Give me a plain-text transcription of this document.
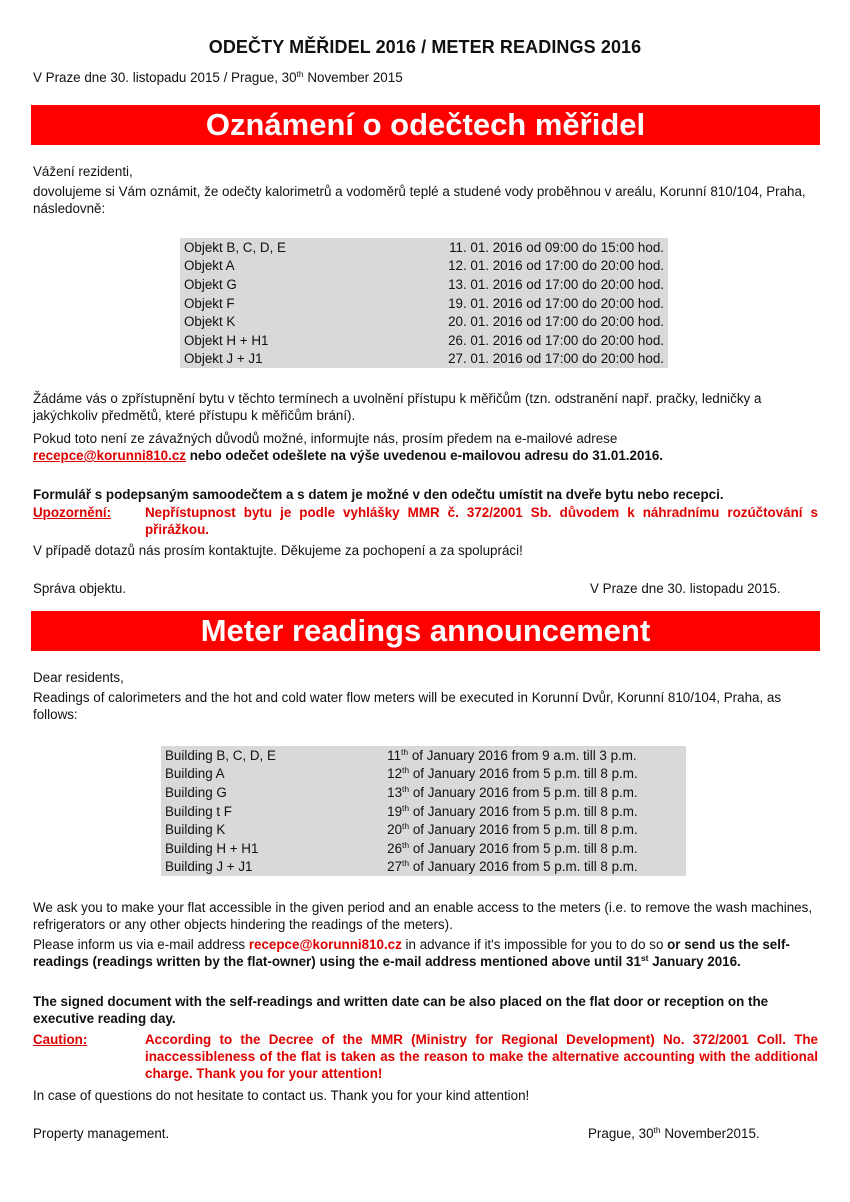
ODEČTY MĚŘIDEL 2016 / METER READINGS 2016
V Praze dne 30. listopadu 2015 / Prague, 30th November 2015
Oznámení o odečtech měřidel
Vážení rezidenti,
dovolujeme si Vám oznámit, že odečty kalorimetrů a vodoměrů teplé a studené vody proběhnou v areálu, Korunní 810/104, Praha, následovně:
Objekt B, C, D, E	11. 01. 2016 od 09:00 do 15:00 hod.
Objekt A	12. 01. 2016 od 17:00 do 20:00 hod.
Objekt G	13. 01. 2016 od 17:00 do 20:00 hod.
Objekt F	19. 01. 2016 od 17:00 do 20:00 hod.
Objekt K	20. 01. 2016 od 17:00 do 20:00 hod.
Objekt H + H1	26. 01. 2016 od 17:00 do 20:00 hod.
Objekt J + J1	27. 01. 2016 od 17:00 do 20:00 hod.
Žádáme vás o zpřístupnění bytu v těchto termínech a uvolnění přístupu k měřičům (tzn. odstranění např. pračky, ledničky a jakýchkoliv předmětů, které přístupu k měřičům brání).
Pokud toto není ze závažných důvodů možné, informujte nás, prosím předem na e-mailové adrese
recepce@korunni810.cz nebo odečet odešlete na výše uvedenou e-mailovou adresu do 31.01.2016.
Formulář s podepsaným samoodečtem a s datem je možné v den odečtu umístit na dveře bytu nebo recepci.
Upozornění:	Nepřístupnost bytu je podle vyhlášky MMR č. 372/2001 Sb. důvodem k náhradnímu rozúčtování s přirážkou.
V případě dotazů nás prosím kontaktujte. Děkujeme za pochopení a za spolupráci!
Správa objektu.	V Praze dne 30. listopadu 2015.
Meter readings announcement
Dear residents,
Readings of calorimeters and the hot and cold water flow meters will be executed in Korunní Dvůr, Korunní 810/104, Praha, as follows:
Building B, C, D, E	11th of January 2016 from 9 a.m. till 3 p.m.
Building A	12th of January 2016 from 5 p.m. till 8 p.m.
Building G	13th of January 2016 from 5 p.m. till 8 p.m.
Building t F	19th of January 2016 from 5 p.m. till 8 p.m.
Building K	20th of January 2016 from 5 p.m. till 8 p.m.
Building H + H1	26th of January 2016 from 5 p.m. till 8 p.m.
Building J + J1	27th of January 2016 from 5 p.m. till 8 p.m.
We ask you to make your flat accessible in the given period and an enable access to the meters (i.e. to remove the wash machines, refrigerators or any other objects hindering the readings of the meters).
Please inform us via e-mail address recepce@korunni810.cz in advance if it's impossible for you to do so or send us the self-readings (readings written by the flat-owner) using the e-mail address mentioned above until 31st January 2016.
The signed document with the self-readings and written date can be also placed on the flat door or reception on the executive reading day.
Caution:	According to the Decree of the MMR (Ministry for Regional Development) No. 372/2001 Coll. The inaccessibleness of the flat is taken as the reason to make the alternative accounting with the additional charge. Thank you for your attention!
In case of questions do not hesitate to contact us. Thank you for your kind attention!
Property management.	Prague, 30th November2015.
